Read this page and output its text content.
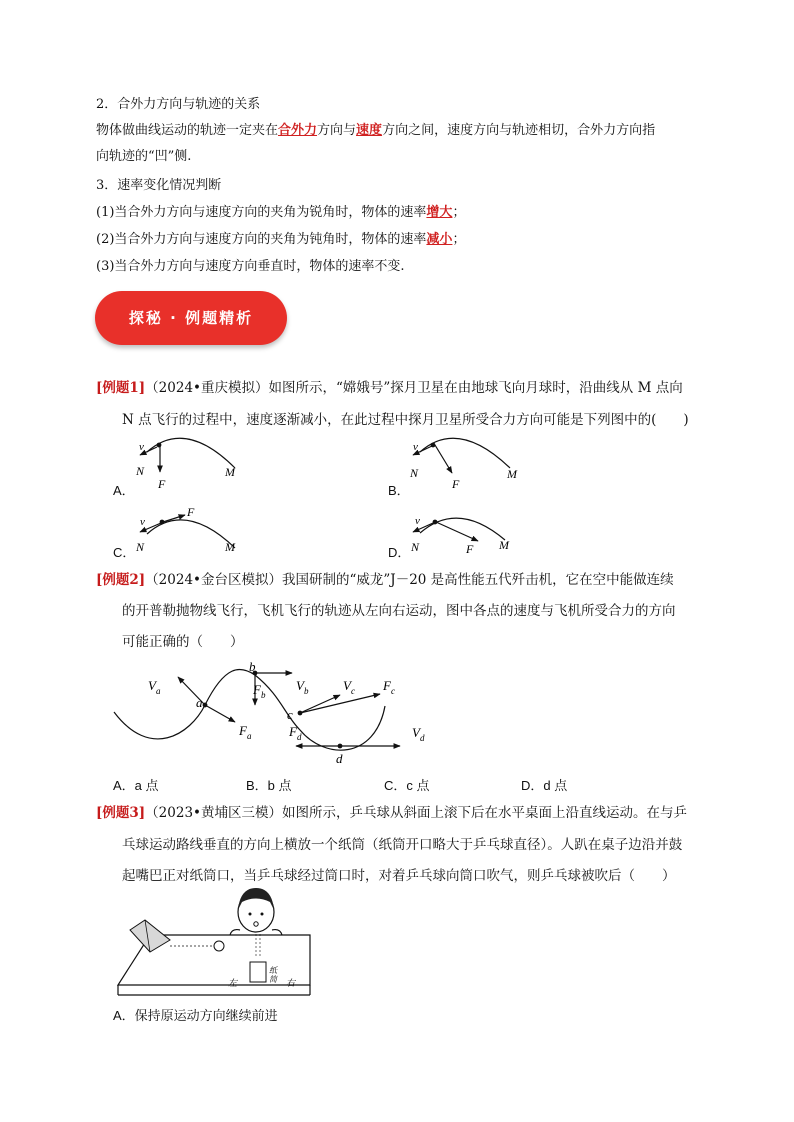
2．合外力方向与轨迹的关系
物体做曲线运动的轨迹一定夹在合外力方向与速度方向之间，速度方向与轨迹相切，合外力方向指
向轨迹的“凹”侧.
3．速率变化情况判断
(1)当合外力方向与速度方向的夹角为锐角时，物体的速率增大；
(2)当合外力方向与速度方向的夹角为钝角时，物体的速率减小；
(3)当合外力方向与速度方向垂直时，物体的速率不变.
探秘 · 例题精析
[例题1]（2024•重庆模拟）如图所示，“嫦娥号”探月卫星在由地球飞向月球时，沿曲线从 M 点向
N 点飞行的过程中，速度逐渐减小，在此过程中探月卫星所受合力方向可能是下列图中的(　　)
v
N	M
F
v
N	M
F
v
F
N	M
v
N	F M
$V_a$
a
$F_a$
b
$F_b$
$V_b$
c
$V_c$ $F_c$
$F_d$
d
$V_d$
左
纸
筒 右
A．	B．
C．	D．
[例题2]（2024•金台区模拟）我国研制的“威龙”J－20 是高性能五代歼击机，它在空中能做连续
的开普勒抛物线飞行，飞机飞行的轨迹从左向右运动，图中各点的速度与飞机所受合力的方向
可能正确的（　　）
A．a 点	B．b 点	C．c 点	D．d 点
[例题3]（2023•黄埔区三模）如图所示，乒乓球从斜面上滚下后在水平桌面上沿直线运动。在与乒
乓球运动路线垂直的方向上横放一个纸筒（纸筒开口略大于乒乓球直径）。人趴在桌子边沿并鼓
起嘴巴正对纸筒口，当乒乓球经过筒口时，对着乒乓球向筒口吹气，则乒乓球被吹后（　　）
A．保持原运动方向继续前进
